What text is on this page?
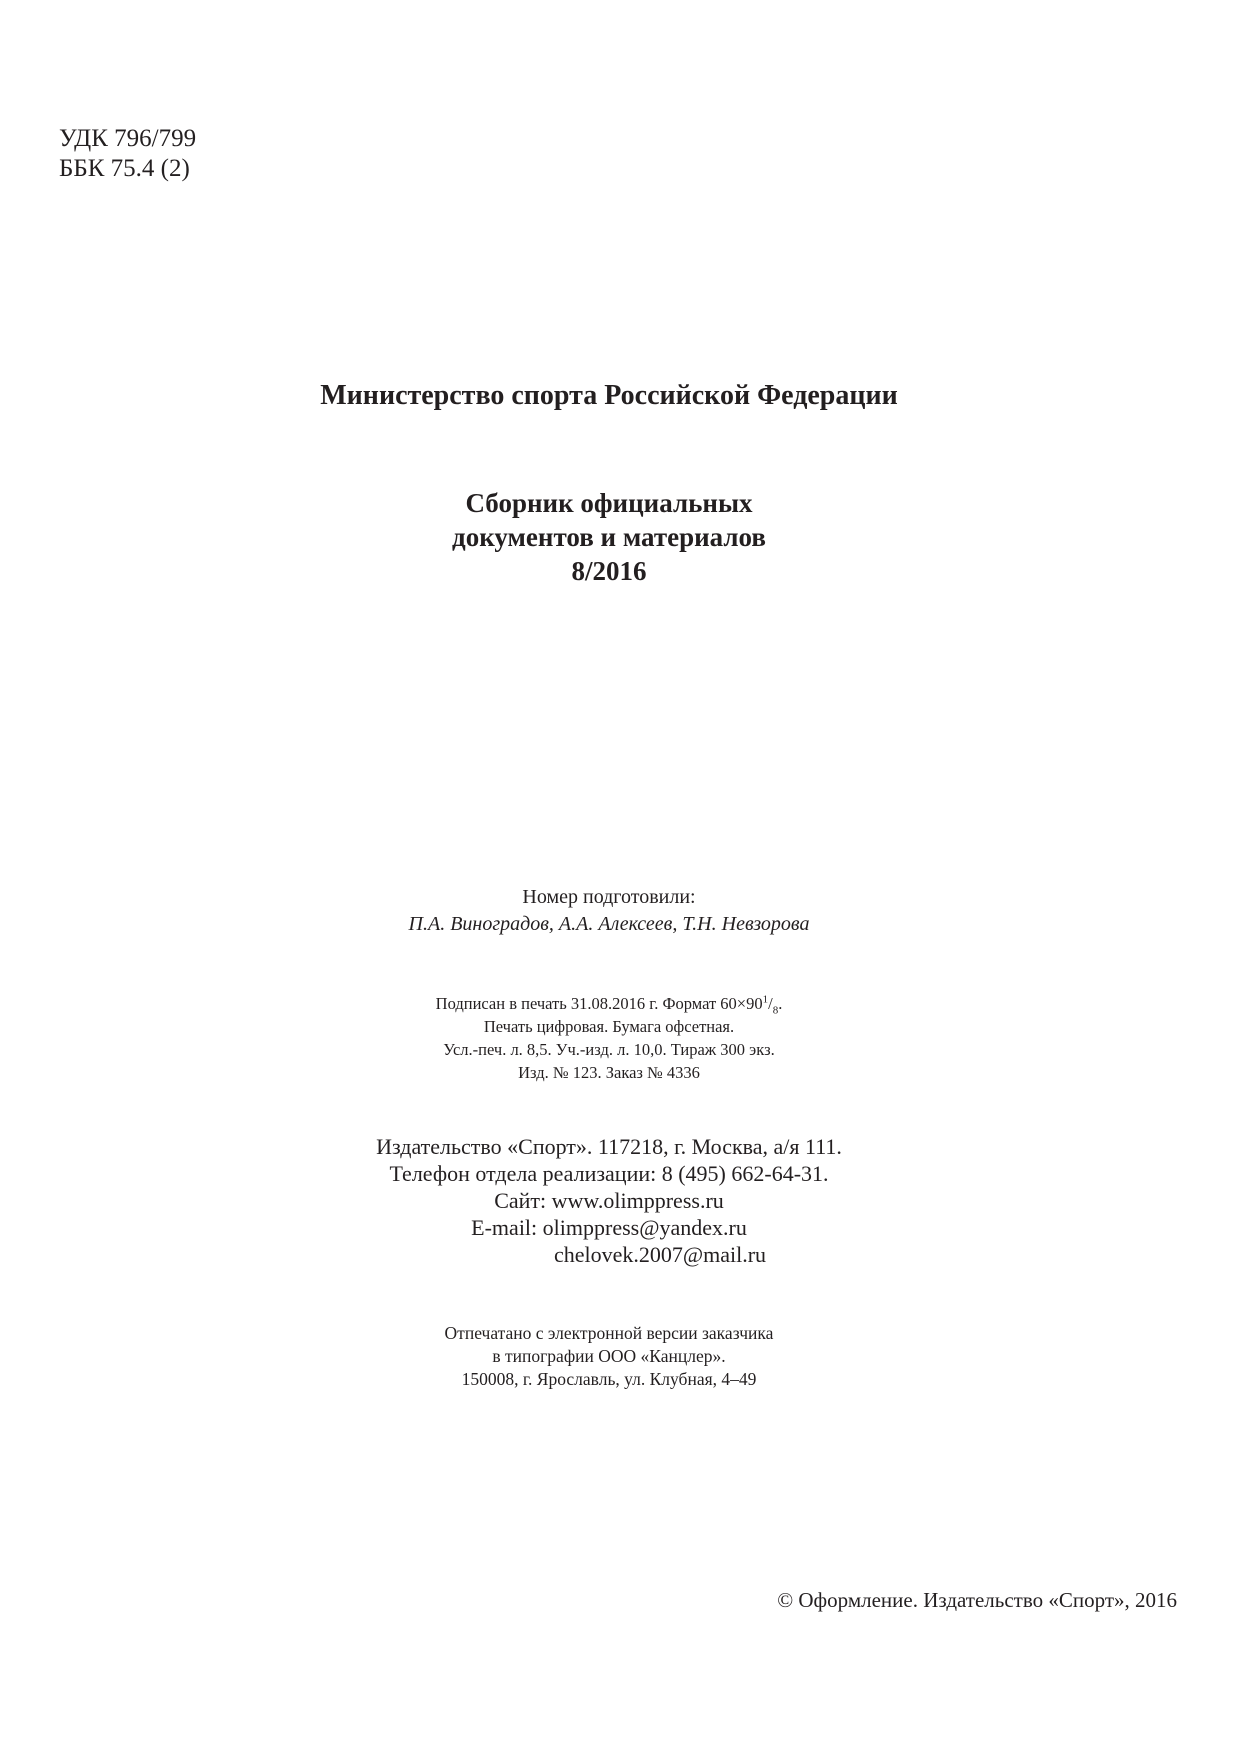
УДК 796/799
ББК 75.4 (2)
Министерство спорта Российской Федерации
Сборник официальных
документов и материалов
8/2016
Номер подготовили:
П.А. Виноградов, А.А. Алексеев, Т.Н. Невзорова
Подписан в печать 31.08.2016 г. Формат $60\times 90^1/_8$.
Печать цифровая. Бумага офсетная.
Усл.-печ. л. 8,5. Уч.-изд. л. 10,0. Тираж 300 экз.
Изд. № 123. Заказ № 4336
Издательство «Спорт». 117218, г. Москва, а/я 111.
Телефон отдела реализации: 8 (495) 662-64-31.
Сайт: www.olimppress.ru
E-mail: olimppress@yandex.ru
chelovek.2007@mail.ru
Отпечатано с электронной версии заказчика
в типографии ООО «Канцлер».
150008, г. Ярославль, ул. Клубная, 4–49
© Оформление. Издательство «Спорт», 2016
